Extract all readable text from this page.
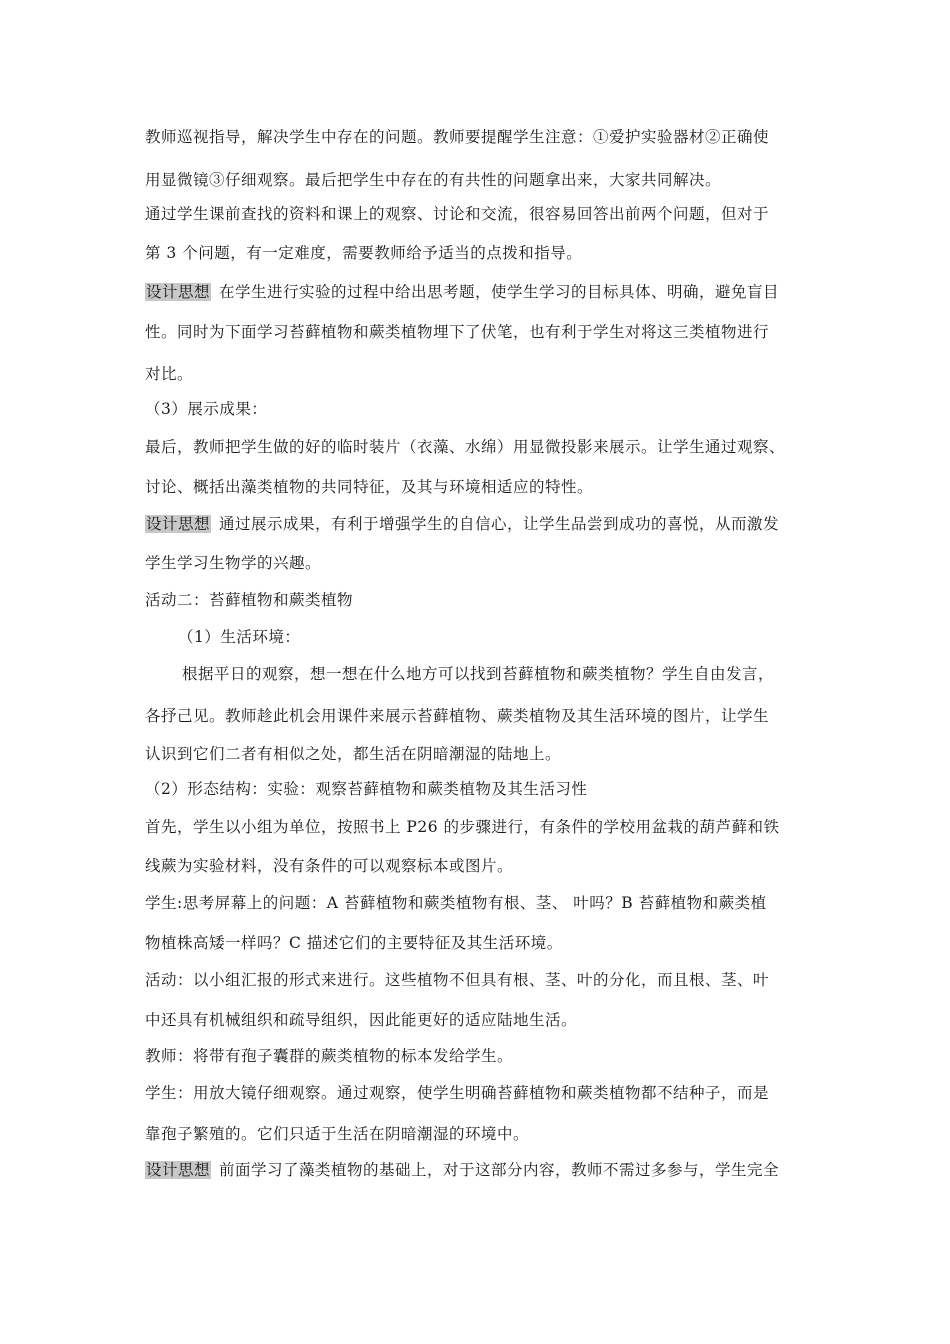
教师巡视指导，解决学生中存在的问题。教师要提醒学生注意：①爱护实验器材②正确使
用显微镜③仔细观察。最后把学生中存在的有共性的问题拿出来，大家共同解决。
通过学生课前查找的资料和课上的观察、讨论和交流，很容易回答出前两个问题，但对于
第 3 个问题，有一定难度，需要教师给予适当的点拨和指导。
设计思想 在学生进行实验的过程中给出思考题，使学生学习的目标具体、明确，避免盲目
性。同时为下面学习苔藓植物和蕨类植物埋下了伏笔，也有利于学生对将这三类植物进行
对比。
（3）展示成果：
最后，教师把学生做的好的临时装片（衣藻、水绵）用显微投影来展示。让学生通过观察、
讨论、概括出藻类植物的共同特征，及其与环境相适应的特性。
设计思想 通过展示成果，有利于增强学生的自信心，让学生品尝到成功的喜悦，从而激发
学生学习生物学的兴趣。
活动二：苔藓植物和蕨类植物
（1）生活环境：
根据平日的观察，想一想在什么地方可以找到苔藓植物和蕨类植物？学生自由发言，
各抒己见。教师趁此机会用课件来展示苔藓植物、蕨类植物及其生活环境的图片，让学生
认识到它们二者有相似之处，都生活在阴暗潮湿的陆地上。
（2）形态结构：实验：观察苔藓植物和蕨类植物及其生活习性
首先，学生以小组为单位，按照书上 P26 的步骤进行，有条件的学校用盆栽的葫芦藓和铁
线蕨为实验材料，没有条件的可以观察标本或图片。
学生:思考屏幕上的问题：A 苔藓植物和蕨类植物有根、茎、 叶吗？B 苔藓植物和蕨类植
物植株高矮一样吗？C 描述它们的主要特征及其生活环境。
活动：以小组汇报的形式来进行。这些植物不但具有根、茎、叶的分化，而且根、茎、叶
中还具有机械组织和疏导组织，因此能更好的适应陆地生活。
教师：将带有孢子囊群的蕨类植物的标本发给学生。
学生：用放大镜仔细观察。通过观察，使学生明确苔藓植物和蕨类植物都不结种子，而是
靠孢子繁殖的。它们只适于生活在阴暗潮湿的环境中。
设计思想 前面学习了藻类植物的基础上，对于这部分内容，教师不需过多参与，学生完全
